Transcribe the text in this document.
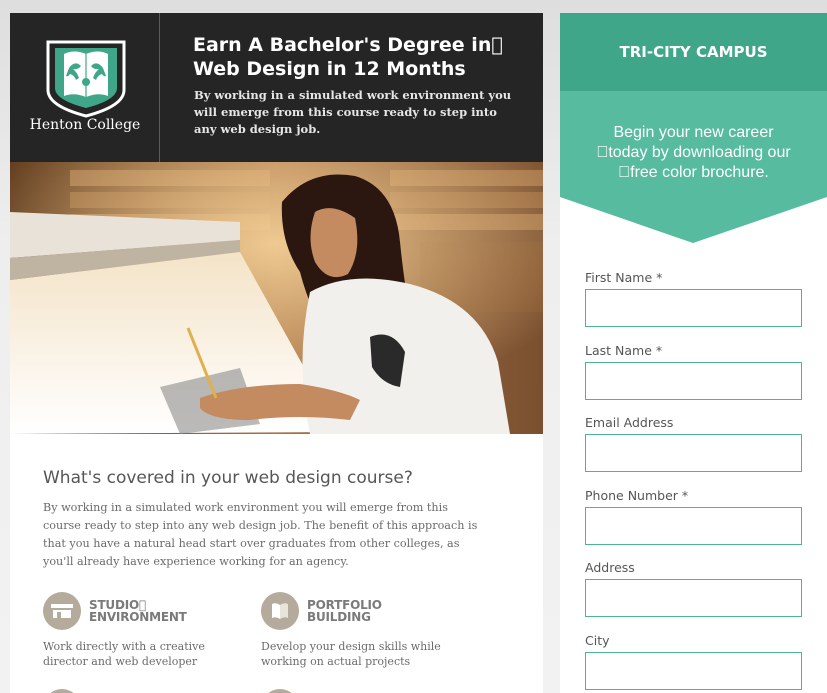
Henton College
Earn A Bachelor's Degree in 
Web Design in 12 Months
By working in a simulated work environment you will emerge from this course ready to step into any web design job.
What's covered in your web design course?

By working in a simulated work environment you will emerge from this course ready to step into any web design job. The benefit of this approach is that you have a natural head start over graduates from other colleges, as you'll already have experience working for an agency.

STUDIO 
ENVIRONMENT
Work directly with a creative
director and web developer
PORTFOLIO
BUILDING
Develop your design skills while
working on actual projects
TRI-CITY CAMPUS
Begin your new career
 today by downloading our
 free color brochure.
First Name *
Last Name *
Email Address
Phone Number *
Address
City
